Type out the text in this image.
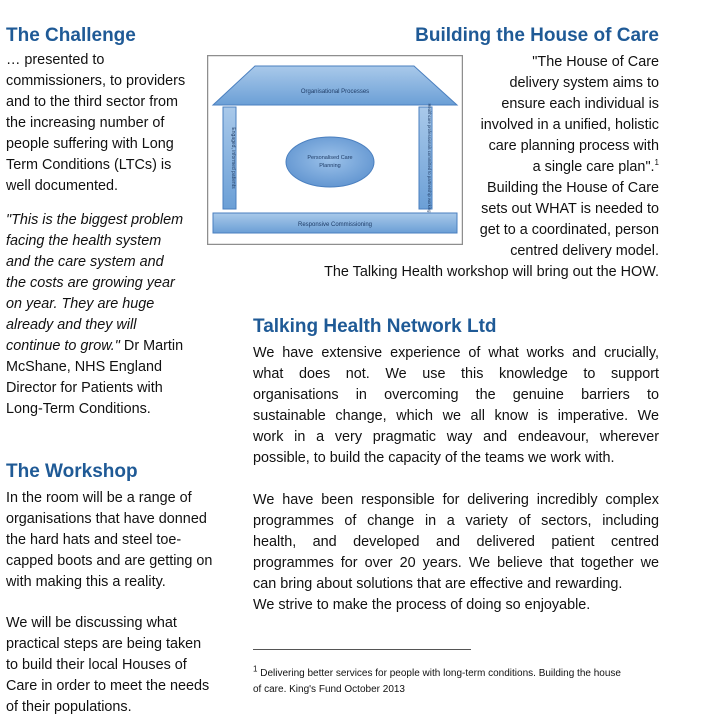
The Challenge
… presented to
commissioners, to providers
and to the third sector from
the increasing number of
people suffering with Long
Term Conditions (LTCs) is
well documented.
"This is the biggest problem
facing the health system
and the care system and
the costs are growing year
on year. They are huge
already and they will
continue to grow." Dr Martin
McShane, NHS England
Director for Patients with
Long-Term Conditions.
The Workshop
In the room will be a range of
organisations that have donned
the hard hats and steel toe-
capped boots and are getting on
with making this a reality.
We will be discussing what
practical steps are being taken
to build their local Houses of
Care in order to meet the needs
of their populations.
Building the House of Care
Organisational Processes
Engaged, informed patients	Healthcare professionals committed to partnership working
Personalised Care Planning
Responsive Commissioning
"The House of Care
delivery system aims to
ensure each individual is
involved in a unified, holistic
care planning process with
a single care plan".$^1$
Building the House of Care
sets out WHAT is needed to
get to a coordinated, person
centred delivery model.
The Talking Health workshop will bring out the HOW.
Talking Health Network Ltd
We have extensive experience of what works and crucially,
what does not. We use this knowledge to support
organisations in overcoming the genuine barriers to
sustainable change, which we all know is imperative. We
work in a very pragmatic way and endeavour, wherever
possible, to build the capacity of the teams we work with.
We have been responsible for delivering incredibly complex
programmes of change in a variety of sectors, including
health, and developed and delivered patient centred
programmes for over 20 years. We believe that together we
can bring about solutions that are effective and rewarding.
We strive to make the process of doing so enjoyable.
$^1$ Delivering better services for people with long-term conditions. Building the house
of care. King's Fund October 2013
